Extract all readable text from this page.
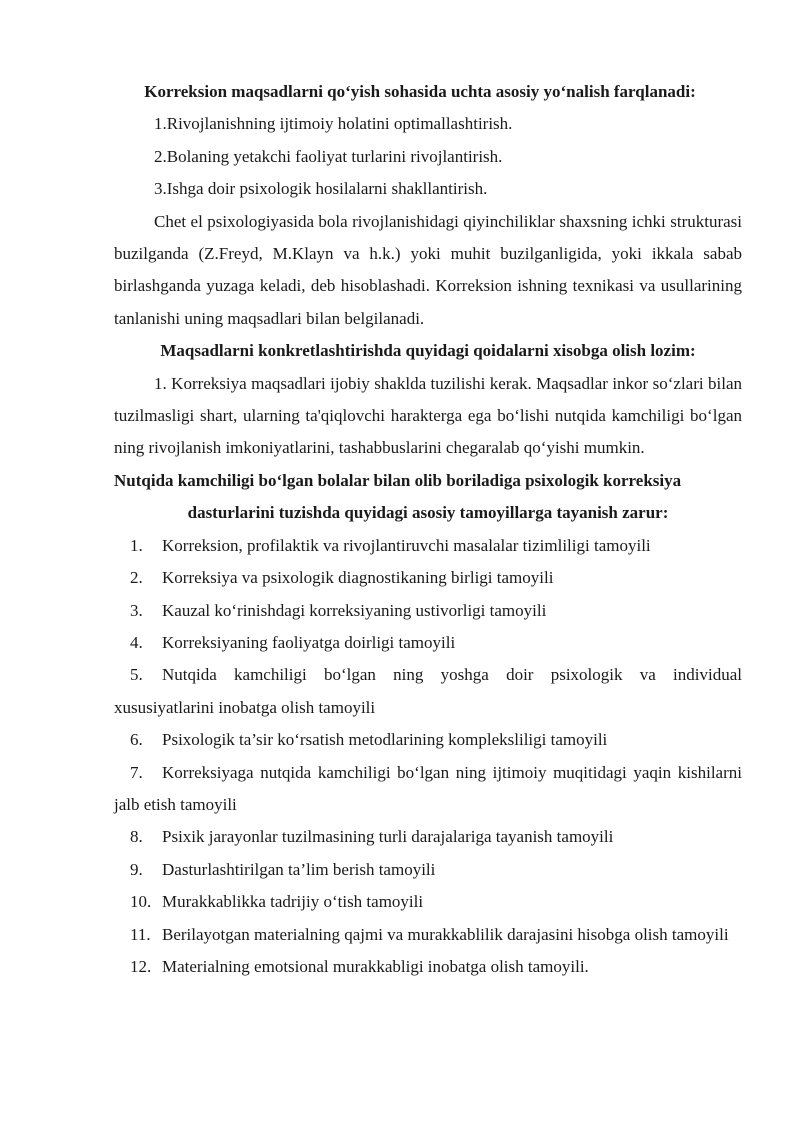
Korreksion maqsadlarni qo‘yish sohasida uchta asosiy yo‘nalish farqlanadi:

1.Rivojlanishning ijtimoiy holatini optimallashtirish.

2.Bolaning yetakchi faoliyat turlarini rivojlantirish.

3.Ishga doir psixologik hosilalarni shakllantirish.

Chet el psixologiyasida bola rivojlanishidagi qiyinchiliklar shaxsning ichki strukturasi buzilganda (Z.Freyd, M.Klayn va h.k.) yoki muhit buzilganligida, yoki ikkala sabab birlashganda yuzaga keladi, deb hisoblashadi. Korreksion ishning texnikasi va usullarining tanlanishi uning maqsadlari bilan belgilanadi.

Maqsadlarni konkretlashtirishda quyidagi qoidalarni xisobga olish lozim:

1. Korreksiya maqsadlari ijobiy shaklda tuzilishi kerak. Maqsadlar inkor so‘zlari bilan tuzilmasligi shart, ularning ta'qiqlovchi harakterga ega bo‘lishi nutqida kamchiligi bo‘lgan ning rivojlanish imkoniyatlarini, tashabbuslarini chegaralab qo‘yishi mumkin.

Nutqida kamchiligi bo‘lgan bolalar bilan olib boriladiga psixologik korreksiya

dasturlarini tuzishda quyidagi asosiy tamoyillarga tayanish zarur:

1. Korreksion, profilaktik va rivojlantiruvchi masalalar tizimliligi tamoyili

2. Korreksiya va psixologik diagnostikaning birligi tamoyili

3. Kauzal ko‘rinishdagi korreksiyaning ustivorligi tamoyili

4. Korreksiyaning faoliyatga doirligi tamoyili

5. Nutqida kamchiligi bo‘lgan ning yoshga doir psixologik va individual xususiyatlarini inobatga olish tamoyili

6. Psixologik ta’sir ko‘rsatish metodlarining kompleksliligi tamoyili

7. Korreksiyaga nutqida kamchiligi bo‘lgan ning ijtimoiy muqitidagi yaqin kishilarni jalb etish tamoyili

8. Psixik jarayonlar tuzilmasining turli darajalariga tayanish tamoyili

9. Dasturlashtirilgan ta’lim berish tamoyili

10. Murakkablikka tadrijiy o‘tish tamoyili

11. Berilayotgan materialning qajmi va murakkablilik darajasini hisobga olish tamoyili

12. Materialning emotsional murakkabligi inobatga olish tamoyili.
